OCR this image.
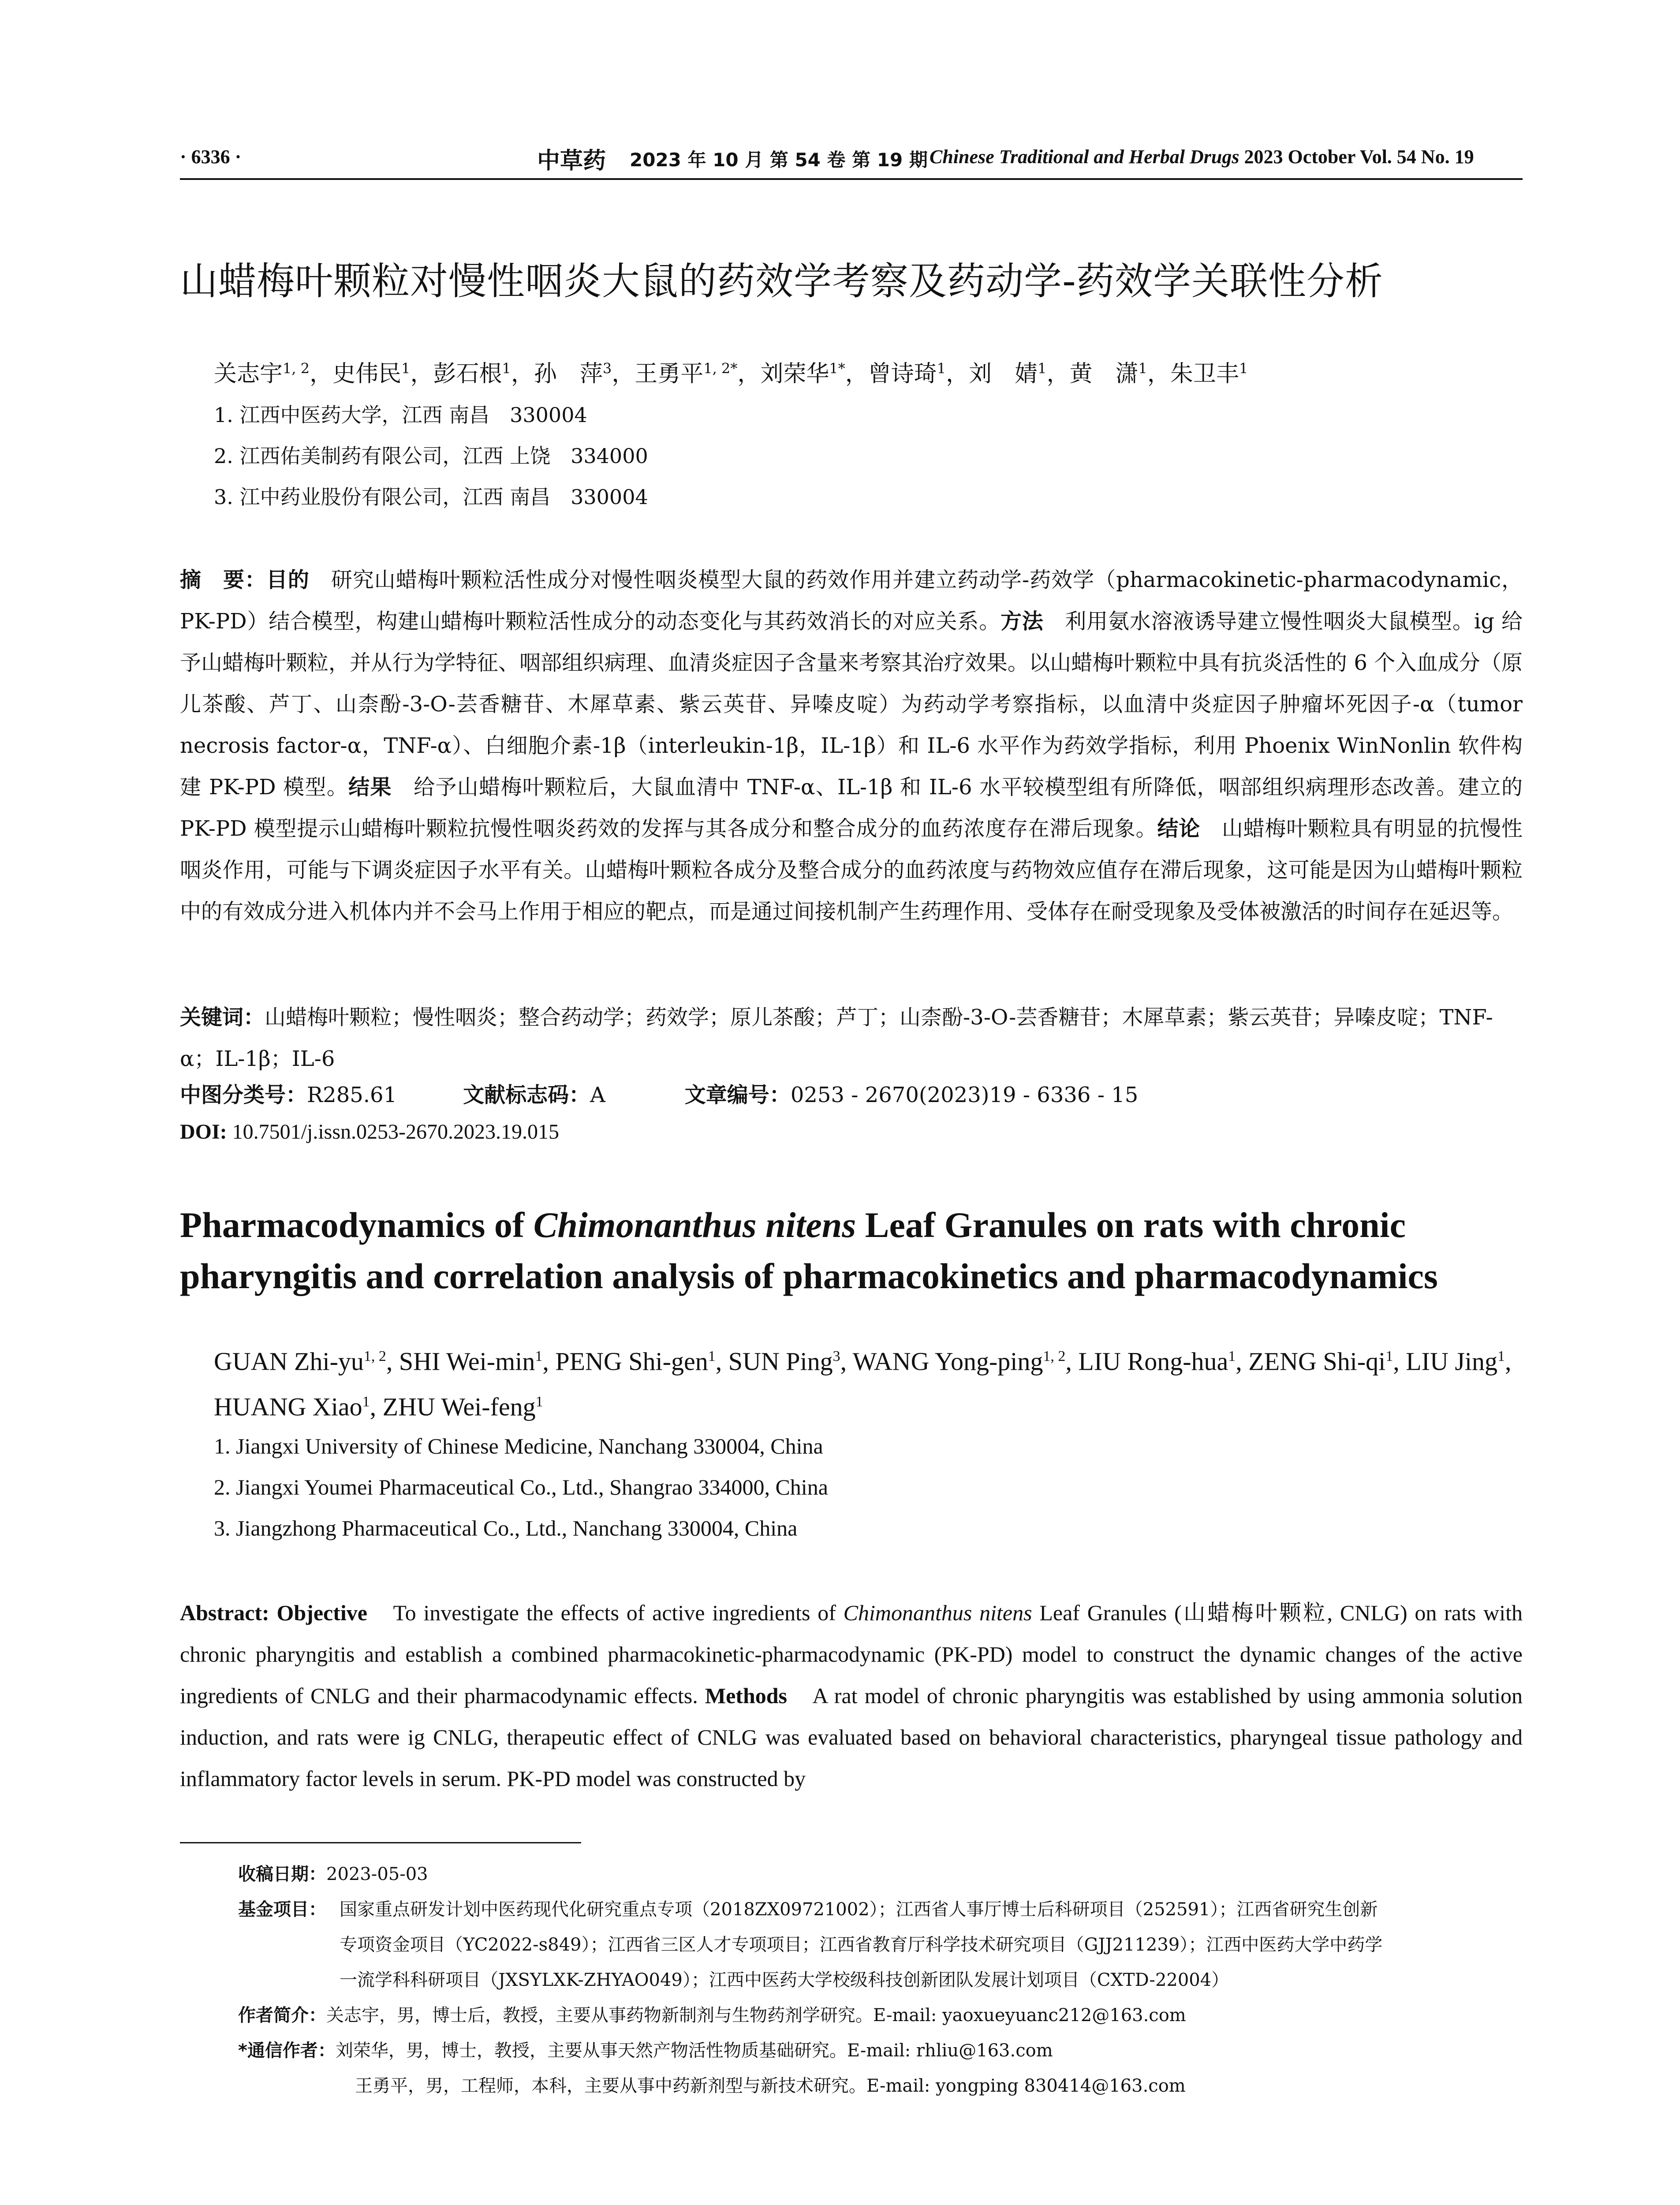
· 6336 ·	中草药 2023 年 10 月 第 54 卷 第 19 期 Chinese Traditional and Herbal Drugs 2023 October Vol. 54 No. 19
山蜡梅叶颗粒对慢性咽炎大鼠的药效学考察及药动学-药效学关联性分析
关志宇$^{1, 2}$，史伟民$^1$，彭石根$^1$，孙　萍$^3$，王勇平$^{1, 2*}$，刘荣华$^{1*}$，曾诗琦$^1$，刘　婧$^1$，黄　潇$^1$，朱卫丰$^1$
1. 江西中医药大学，江西 南昌　330004
2. 江西佑美制药有限公司，江西 上饶　334000
3. 江中药业股份有限公司，江西 南昌　330004
摘　要：目的　 研究山蜡梅叶颗粒活性成分对慢性咽炎模型大鼠的药效作用并建立药动学-药效学（pharmacokinetic-pharmacodynamic，PK-PD）结合模型，构建山蜡梅叶颗粒活性成分的动态变化与其药效消长的对应关系。方法　 利用氨水溶液诱导建立慢性咽炎大鼠模型。ig 给予山蜡梅叶颗粒，并从行为学特征、咽部组织病理、血清炎症因子含量来考察其治疗效果。以山蜡梅叶颗粒中具有抗炎活性的 6 个入血成分（原儿茶酸、芦丁、山柰酚-3-O-芸香糖苷、木犀草素、紫云英苷、异嗪皮啶）为药动学考察指标，以血清中炎症因子肿瘤坏死因子-α（tumor necrosis factor-α，TNF-α）、白细胞介素-1β（interleukin-1β，IL-1β）和 IL-6 水平作为药效学指标，利用 Phoenix WinNonlin 软件构建 PK-PD 模型。结果　 给予山蜡梅叶颗粒后，大鼠血清中 TNF-α、IL-1β 和 IL-6 水平较模型组有所降低，咽部组织病理形态改善。建立的 PK-PD 模型提示山蜡梅叶颗粒抗慢性咽炎药效的发挥与其各成分和整合成分的血药浓度存在滞后现象。结论　 山蜡梅叶颗粒具有明显的抗慢性咽炎作用，可能与下调炎症因子水平有关。山蜡梅叶颗粒各成分及整合成分的血药浓度与药物效应值存在滞后现象，这可能是因为山蜡梅叶颗粒中的有效成分进入机体内并不会马上作用于相应的靶点，而是通过间接机制产生药理作用、受体存在耐受现象及受体被激活的时间存在延迟等。
关键词：山蜡梅叶颗粒；慢性咽炎；整合药动学；药效学；原儿茶酸；芦丁；山柰酚-3-O-芸香糖苷；木犀草素；紫云英苷；异嗪皮啶；TNF-α；IL-1β；IL-6
中图分类号：R285.61	文献标志码：A	文章编号：0253 - 2670(2023)19 - 6336 - 15
DOI: 10.7501/j.issn.0253-2670.2023.19.015
Pharmacodynamics of Chimonanthus nitens Leaf Granules on rats with chronic pharyngitis and correlation analysis of pharmacokinetics and pharmacodynamics
GUAN Zhi-yu$^{1, 2}$, SHI Wei-$\min^1$, PENG Shi-gen$^1$, SUN Ping$^3$, WANG Yong-ping$^{1, 2}$, LIU Rong-hua$^1$, ZENG Shi-$qi^1$, LIU Jing$^1$, HUANG Xiao$^1$, ZHU Wei-feng$^1$
1. Jiangxi University of Chinese Medicine, Nanchang 330004, China
2. Jiangxi Youmei Pharmaceutical Co., Ltd., Shangrao 334000, China
3. Jiangzhong Pharmaceutical Co., Ltd., Nanchang 330004, China
Abstract: Objective　 To investigate the effects of active ingredients of Chimonanthus nitens Leaf Granules (山蜡梅叶颗粒, CNLG) on rats with chronic pharyngitis and establish a combined pharmacokinetic-pharmacodynamic (PK-PD) model to construct the dynamic changes of the active ingredients of CNLG and their pharmacodynamic effects. Methods　 A rat model of chronic pharyngitis was established by using ammonia solution induction, and rats were ig CNLG, therapeutic effect of CNLG was evaluated based on behavioral characteristics, pharyngeal tissue pathology and inflammatory factor levels in serum. PK-PD model was constructed by
收稿日期：2023-05-03
基金项目： 国家重点研发计划中医药现代化研究重点专项（2018ZX09721002）；江西省人事厅博士后科研项目（252591）；江西省研究生创新
专项资金项目（YC2022-s849）；江西省三区人才专项项目；江西省教育厅科学技术研究项目（GJJ211239）；江西中医药大学中药学
一流学科科研项目（JXSYLXK-ZHYAO049）；江西中医药大学校级科技创新团队发展计划项目（CXTD-22004）
作者简介：关志宇，男，博士后，教授，主要从事药物新制剂与生物药剂学研究。E-mail: yaoxueyuanc212@163.com
*通信作者：刘荣华，男，博士，教授，主要从事天然产物活性物质基础研究。E-mail: rhliu@163.com
王勇平，男，工程师，本科，主要从事中药新剂型与新技术研究。E-mail: yongping 830414@163.com
